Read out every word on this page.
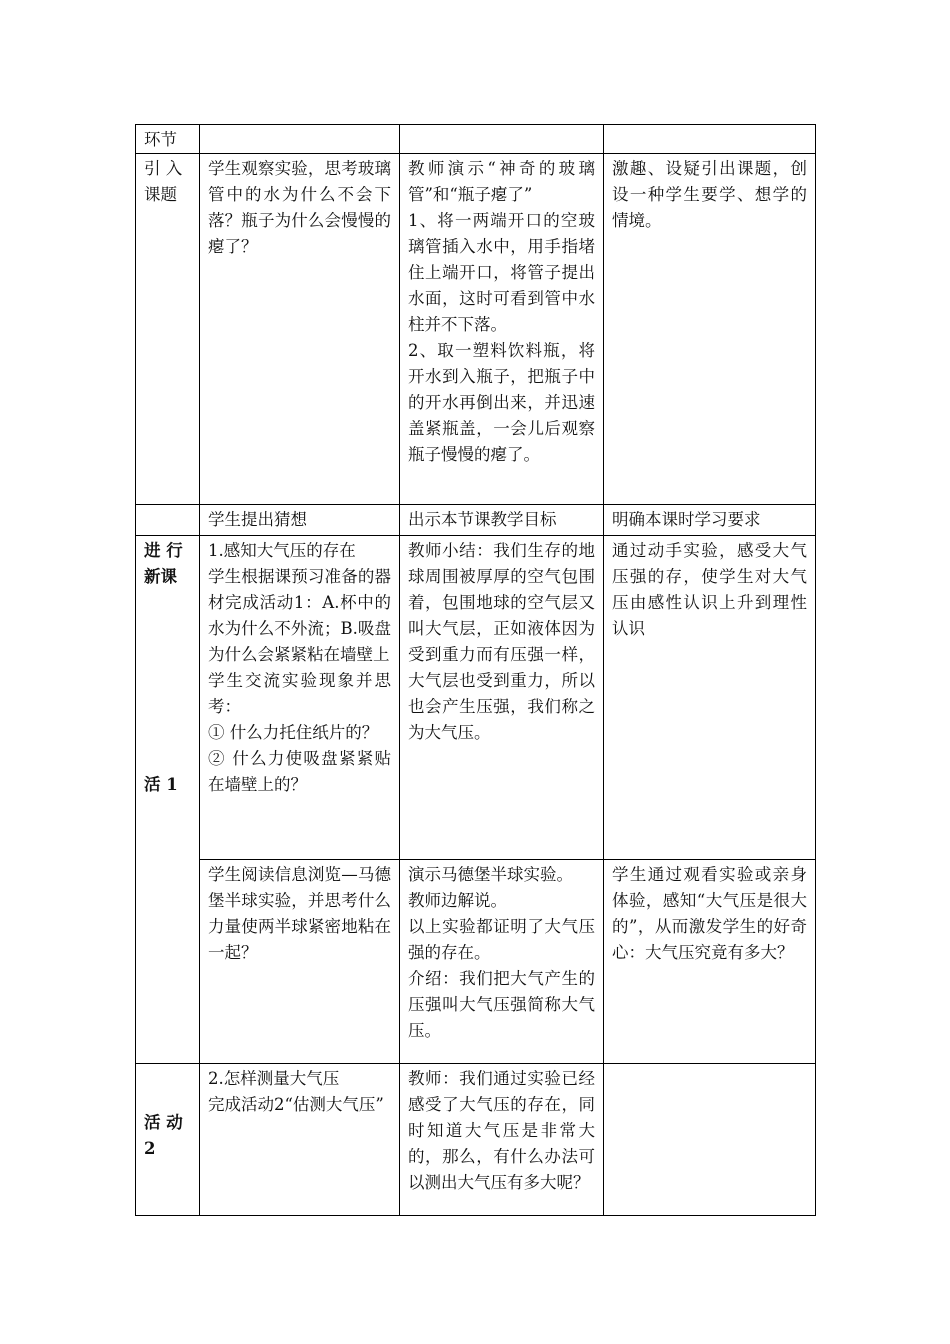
环节			

引 入
课题	学生观察实验，思考玻璃管中的水为什么不会下落？瓶子为什么会慢慢的瘪了？	教师演示“神奇的玻璃管”和“瓶子瘪了”
1、将一两端开口的空玻璃管插入水中，用手指堵住上端开口，将管子提出水面，这时可看到管中水柱并不下落。
2、取一塑料饮料瓶，将开水到入瓶子，把瓶子中的开水再倒出来，并迅速盖紧瓶盖，一会儿后观察瓶子慢慢的瘪了。	激趣、设疑引出课题，创设一种学生要学、想学的情境。

	学生提出猜想	出示本节课教学目标	明确本课时学习要求

进 行
新课
活 1	1.感知大气压的存在
学生根据课预习准备的器材完成活动1：A.杯中的水为什么不外流；B.吸盘为什么会紧紧粘在墙壁上
学生交流实验现象并思考：
① 什么力托住纸片的？
② 什么力使吸盘紧紧贴在墙壁上的？	教师小结：我们生存的地球周围被厚厚的空气包围着，包围地球的空气层又叫大气层，正如液体因为受到重力而有压强一样，大气层也受到重力，所以也会产生压强，我们称之为大气压。	通过动手实验，感受大气压强的存，使学生对大气压由感性认识上升到理性认识

	学生阅读信息浏览—马德堡半球实验，并思考什么力量使两半球紧密地粘在一起？	演示马德堡半球实验。
教师边解说。
以上实验都证明了大气压强的存在。
介绍：我们把大气产生的压强叫大气压强简称大气压。	学生通过观看实验或亲身体验，感知“大气压是很大的”，从而激发学生的好奇心：大气压究竟有多大？

活 动
2	2.怎样测量大气压
完成活动2“估测大气压”	教师：我们通过实验已经感受了大气压的存在，同时知道大气压是非常大的，那么，有什么办法可以测出大气压有多大呢？	
